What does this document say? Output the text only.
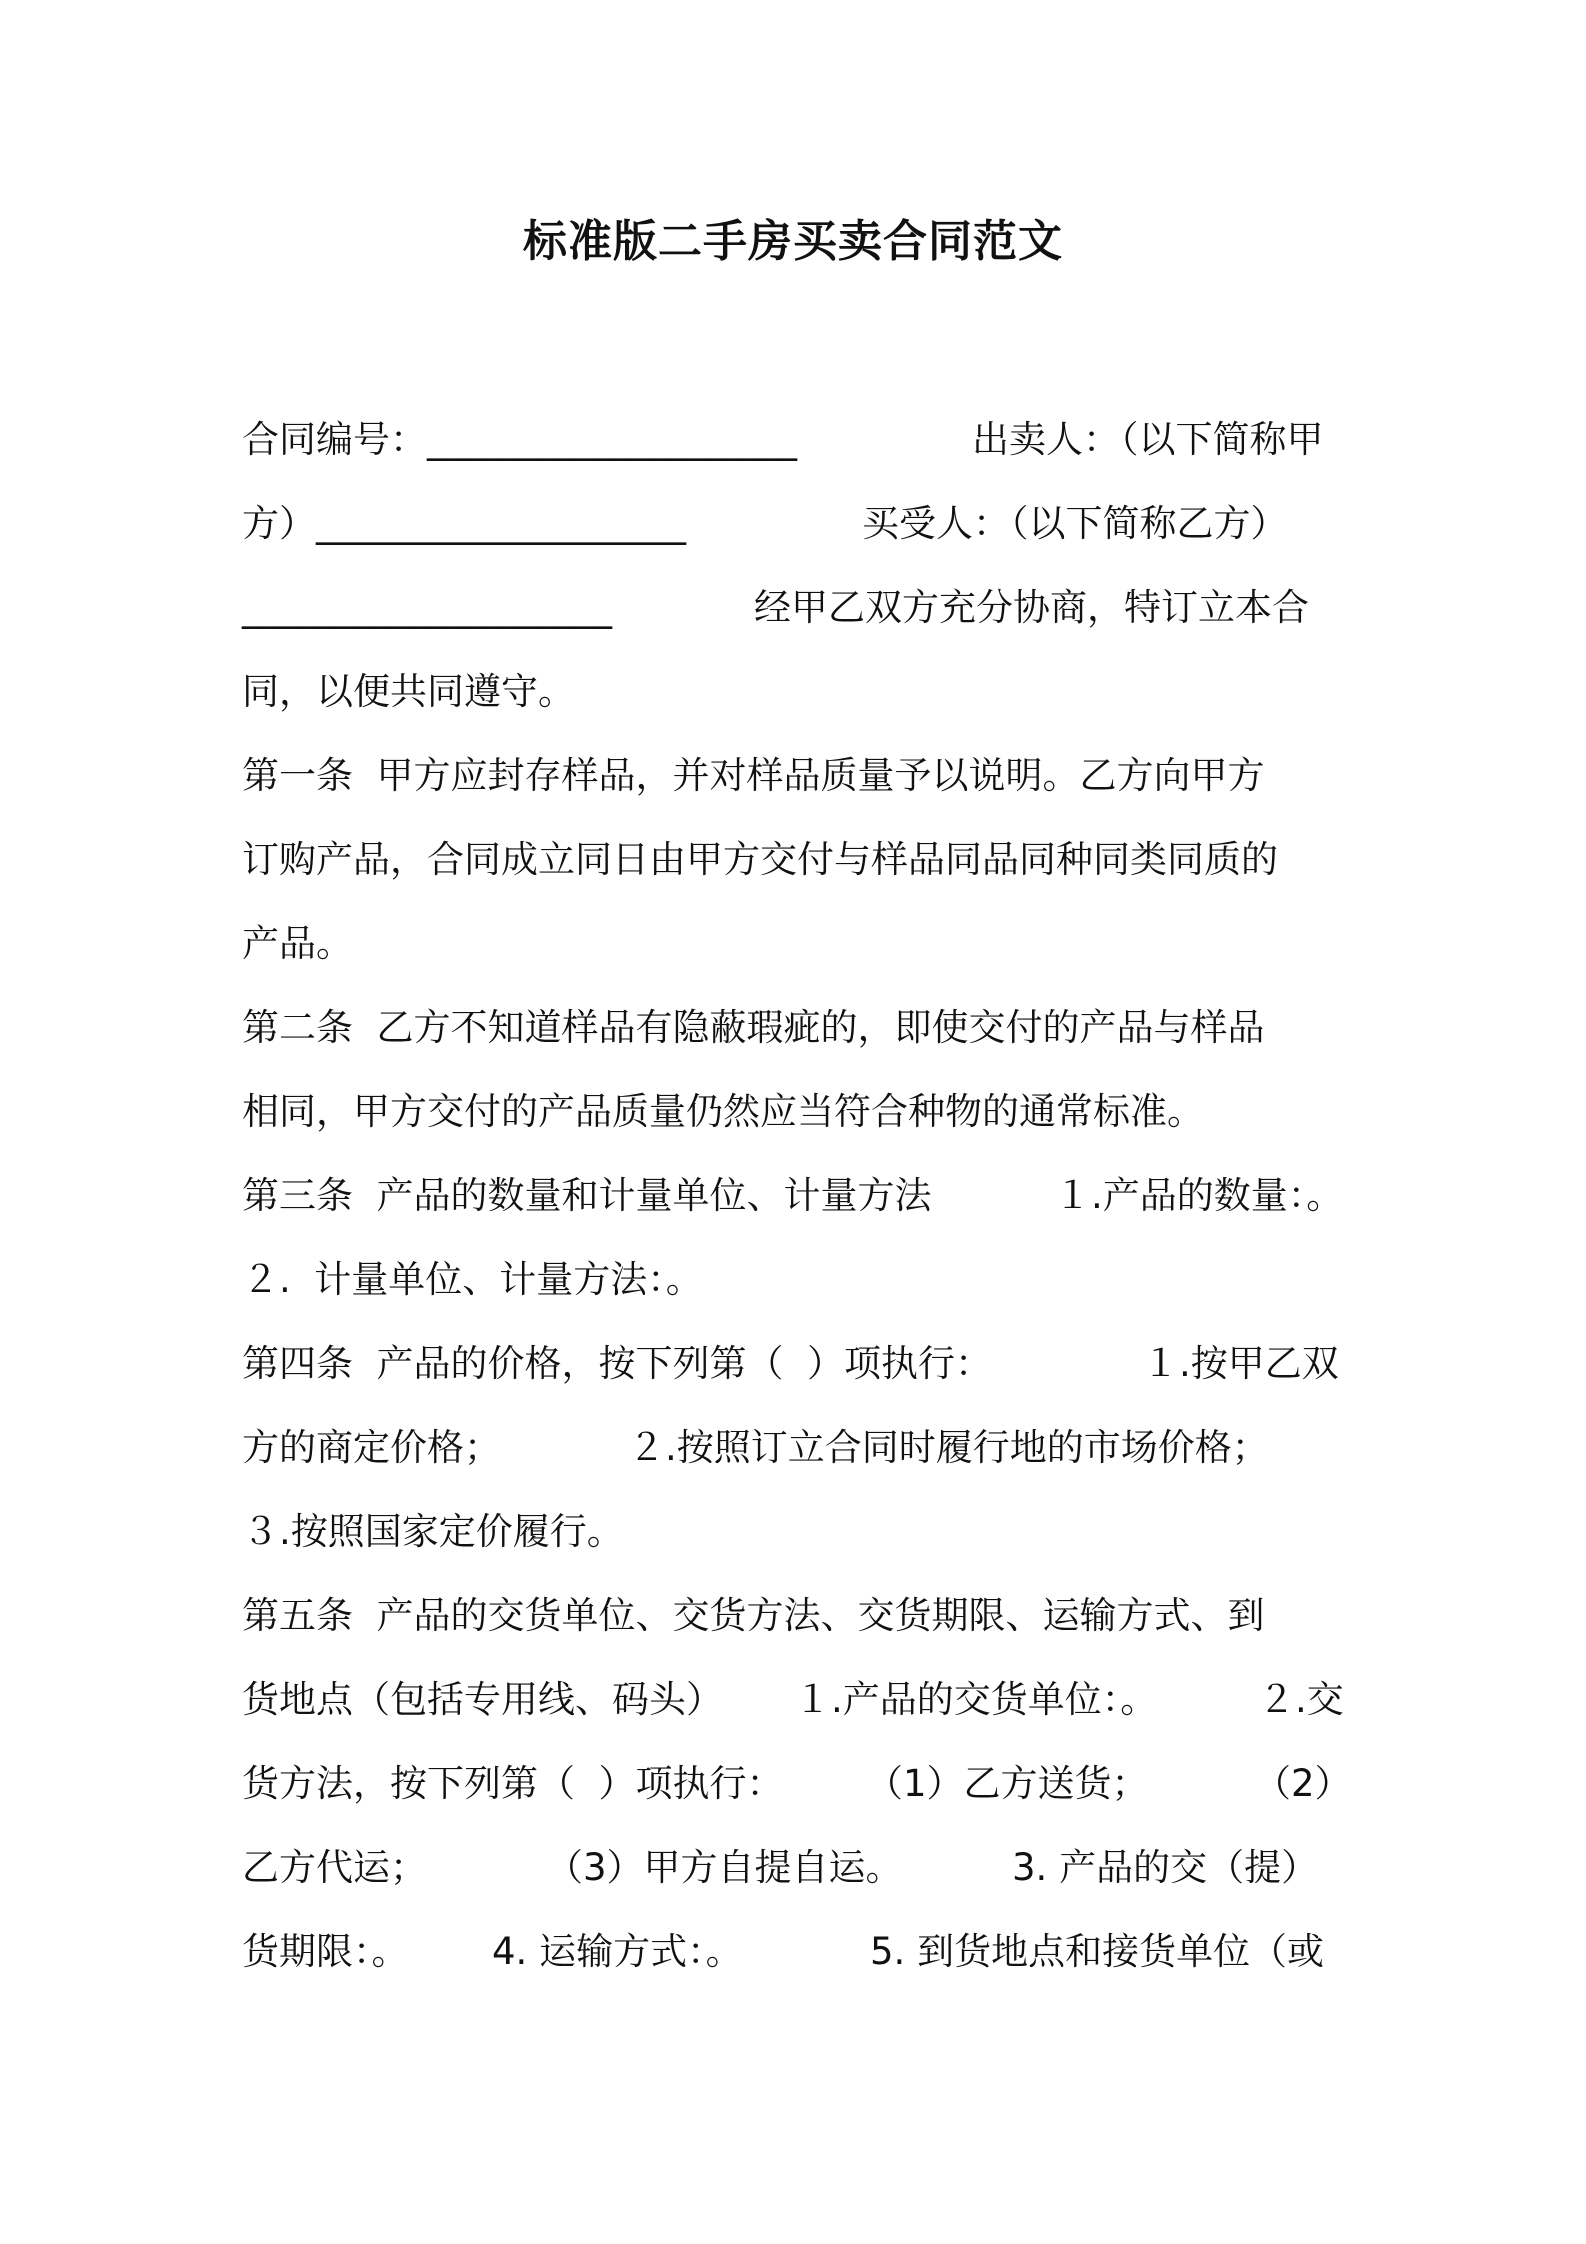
标准版二手房买卖合同范文
合同编号：____________________	出卖人：（以下简称甲
方）____________________	买受人：（以下简称乙方）
____________________	经甲乙双方充分协商，特订立本合
同，以便共同遵守。
第一条  甲方应封存样品，并对样品质量予以说明。乙方向甲方
订购产品，合同成立同日由甲方交付与样品同品同种同类同质的
产品。
第二条  乙方不知道样品有隐蔽瑕疵的，即使交付的产品与样品
相同，甲方交付的产品质量仍然应当符合种物的通常标准。
第三条  产品的数量和计量单位、计量方法	１.产品的数量：。
２.  计量单位、计量方法：。
第四条  产品的价格，按下列第（  ）项执行：	１.按甲乙双
方的商定价格；	２.按照订立合同时履行地的市场价格；
３.按照国家定价履行。
第五条  产品的交货单位、交货方法、交货期限、运输方式、到
货地点（包括专用线、码头） １.产品的交货单位：。	２.交
货方法，按下列第（  ）项执行： （1）乙方送货；	（2）
乙方代运；	（3）甲方自提自运。	3. 产品的交（提）
货期限：。 4. 运输方式：。	5. 到货地点和接货单位（或
